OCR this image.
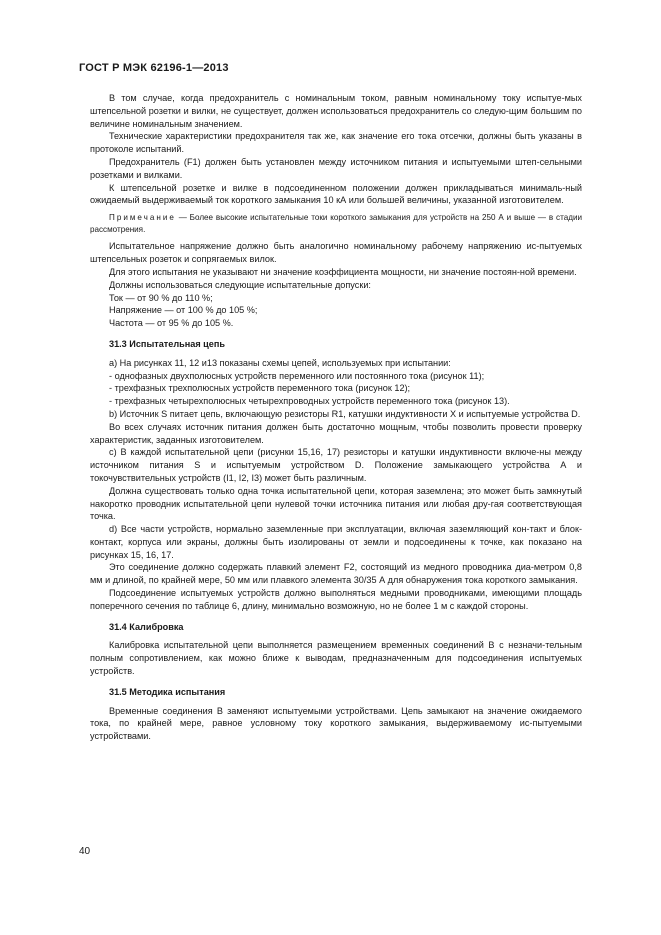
ГОСТ Р МЭК 62196-1—2013

В том случае, когда предохранитель с номинальным током, равным номинальному току испытуе-мых штепсельной розетки и вилки, не существует, должен использоваться предохранитель со следую-щим большим по величине номинальным значением.

Технические характеристики предохранителя так же, как значение его тока отсечки, должны быть указаны в протоколе испытаний.

Предохранитель (F1) должен быть установлен между источником питания и испытуемыми штеп-сельными розетками и вилками.

К штепсельной розетке и вилке в подсоединенном положении должен прикладываться минималь-ный ожидаемый выдерживаемый ток короткого замыкания 10 кА или большей величины, указанной изготовителем.

Примечание — Более высокие испытательные токи короткого замыкания для устройств на 250 А и выше — в стадии рассмотрения.

Испытательное напряжение должно быть аналогично номинальному рабочему напряжению ис-пытуемых штепсельных розеток и сопрягаемых вилок.

Для этого испытания не указывают ни значение коэффициента мощности, ни значение постоян-ной времени.

Должны использоваться следующие испытательные допуски:

Ток — от 90 % до 110 %;

Напряжение — от 100 % до 105 %;

Частота — от 95 % до 105 %.

31.3 Испытательная цепь

а) На рисунках 11, 12 и13 показаны схемы цепей, используемых при испытании:

- однофазных двухполюсных устройств переменного или постоянного тока (рисунок 11);

- трехфазных трехполюсных устройств переменного тока (рисунок 12);

- трехфазных четырехполюсных четырехпроводных устройств переменного тока (рисунок 13).

b) Источник S питает цепь, включающую резисторы R1, катушки индуктивности X и испытуемые устройства D.

Во всех случаях источник питания должен быть достаточно мощным, чтобы позволить провести проверку характеристик, заданных изготовителем.

с) В каждой испытательной цепи (рисунки 15,16, 17) резисторы и катушки индуктивности включе-ны между источником питания S и испытуемым устройством D. Положение замыкающего устройства А и токочувствительных устройств (I1, I2, I3) может быть различным.

Должна существовать только одна точка испытательной цепи, которая заземлена; это может быть замкнутый накоротко проводник испытательной цепи нулевой точки источника питания или любая дру-гая соответствующая точка.

d) Все части устройств, нормально заземленные при эксплуатации, включая заземляющий кон-такт и блок-контакт, корпуса или экраны, должны быть изолированы от земли и подсоединены к точке, как показано на рисунках 15, 16, 17.

Это соединение должно содержать плавкий элемент F2, состоящий из медного проводника диа-метром 0,8 мм и длиной, по крайней мере, 50 мм или плавкого элемента 30/35 А для обнаружения тока короткого замыкания.

Подсоединение испытуемых устройств должно выполняться медными проводниками, имеющими площадь поперечного сечения по таблице 6, длину, минимально возможную, но не более 1 м с каждой стороны.

31.4 Калибровка

Калибровка испытательной цепи выполняется размещением временных соединений В с незначи-тельным полным сопротивлением, как можно ближе к выводам, предназначенным для подсоединения испытуемых устройств.

31.5 Методика испытания

Временные соединения В заменяют испытуемыми устройствами. Цепь замыкают на значение ожидаемого тока, по крайней мере, равное условному току короткого замыкания, выдерживаемому ис-пытуемыми устройствами.

40
